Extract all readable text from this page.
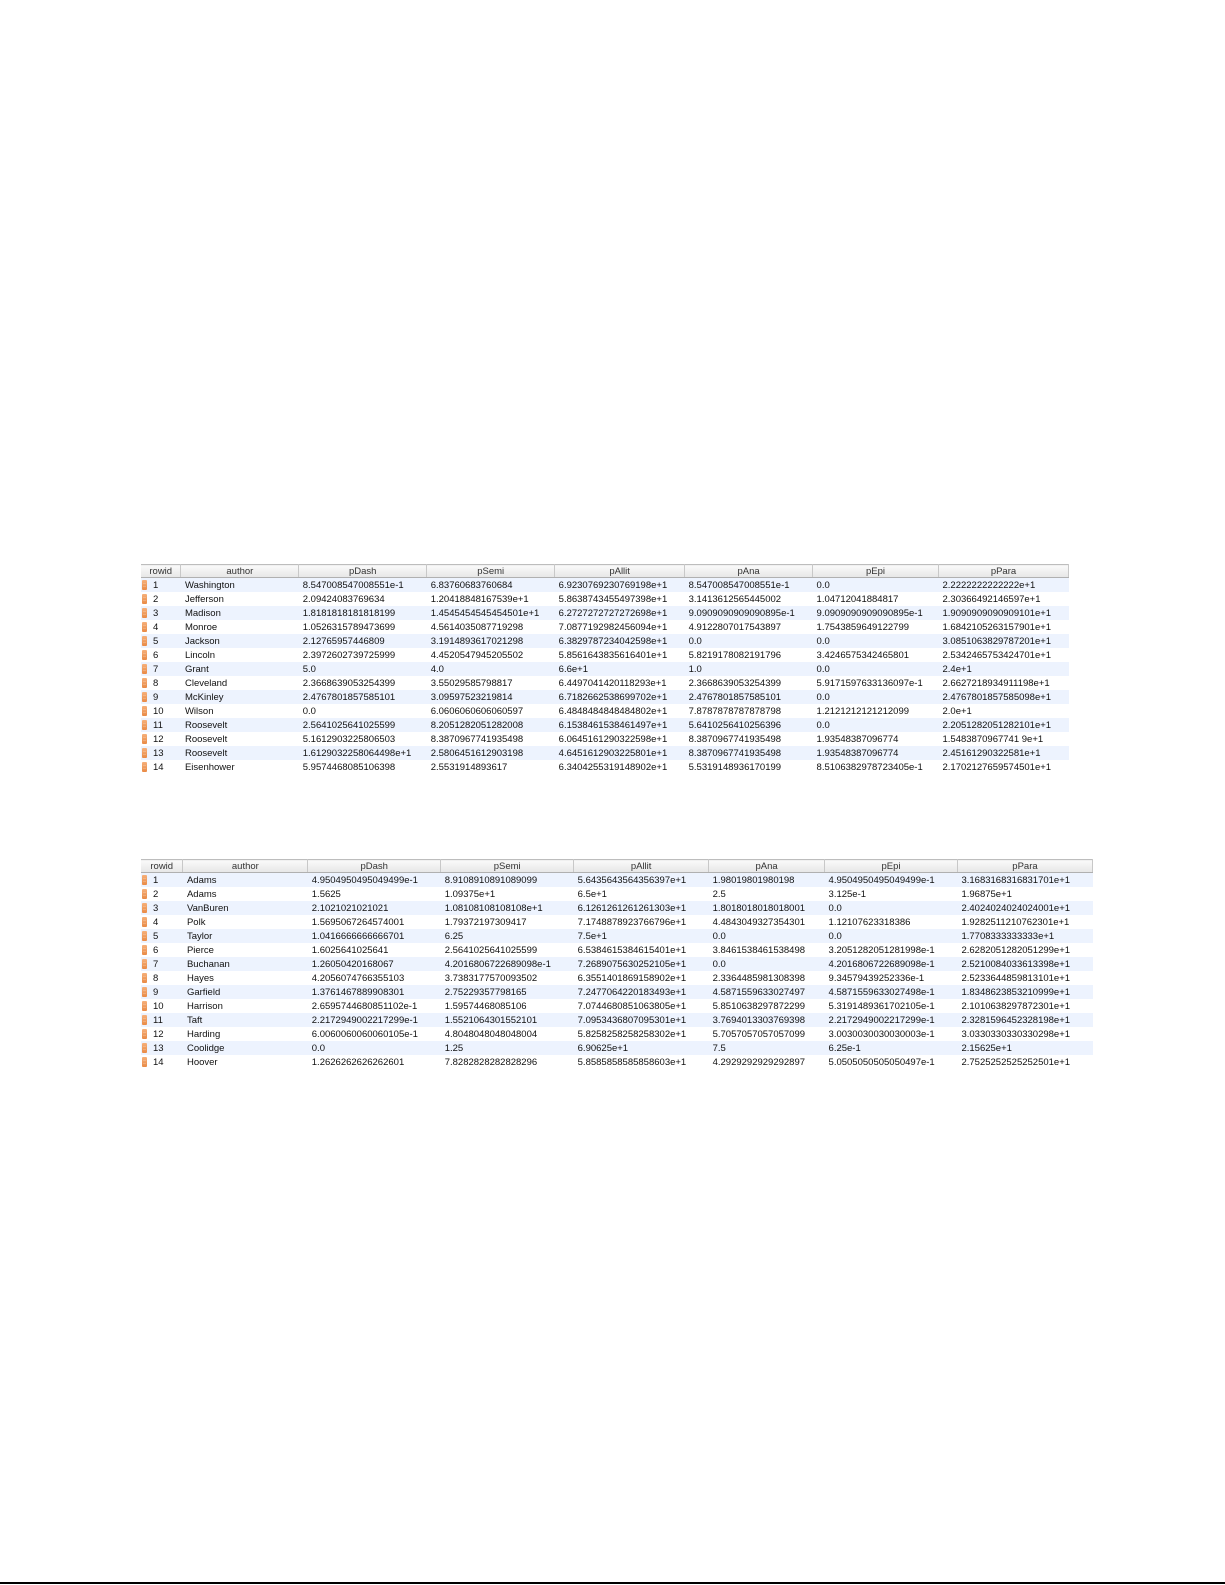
rowid	author	pDash	pSemi	pAllit	pAna	pEpi	pPara

1	Washington	8.547008547008551e-1	6.83760683760684	6.9230769230769198e+1	8.547008547008551e-1	0.0	2.2222222222222e+1

2	Jefferson	2.09424083769634	1.20418848167539e+1	5.8638743455497398e+1	3.1413612565445002	1.04712041884817	2.30366492146597e+1

3	Madison	1.8181818181818199	1.4545454545454501e+1	6.2727272727272698e+1	9.0909090909090895e-1	9.0909090909090895e-1	1.9090909090909101e+1

4	Monroe	1.0526315789473699	4.5614035087719298	7.0877192982456094e+1	4.9122807017543897	1.7543859649122799	1.6842105263157901e+1

5	Jackson	2.12765957446809	3.1914893617021298	6.3829787234042598e+1	0.0	0.0	3.0851063829787201e+1

6	Lincoln	2.3972602739725999	4.4520547945205502	5.8561643835616401e+1	5.8219178082191796	3.4246575342465801	2.5342465753424701e+1

7	Grant	5.0	4.0	6.6e+1	1.0	0.0	2.4e+1

8	Cleveland	2.3668639053254399	3.55029585798817	6.4497041420118293e+1	2.3668639053254399	5.9171597633136097e-1	2.6627218934911198e+1

9	McKinley	2.4767801857585101	3.09597523219814	6.7182662538699702e+1	2.4767801857585101	0.0	2.4767801857585098e+1

10	Wilson	0.0	6.0606060606060597	6.4848484848484802e+1	7.8787878787878798	1.2121212121212099	2.0e+1

11	Roosevelt	2.5641025641025599	8.2051282051282008	6.1538461538461497e+1	5.6410256410256396	0.0	2.2051282051282101e+1

12	Roosevelt	5.1612903225806503	8.3870967741935498	6.0645161290322598e+1	8.3870967741935498	1.93548387096774	1.5483870967741 9e+1

13	Roosevelt	1.6129032258064498e+1	2.5806451612903198	4.6451612903225801e+1	8.3870967741935498	1.93548387096774	2.45161290322581e+1

14	Eisenhower	5.9574468085106398	2.5531914893617	6.3404255319148902e+1	5.5319148936170199	8.5106382978723405e-1	2.1702127659574501e+1
rowid	author	pDash	pSemi	pAllit	pAna	pEpi	pPara

1	Adams	4.9504950495049499e-1	8.9108910891089099	5.6435643564356397e+1	1.98019801980198	4.9504950495049499e-1	3.1683168316831701e+1

2	Adams	1.5625	1.09375e+1	6.5e+1	2.5	3.125e-1	1.96875e+1

3	VanBuren	2.1021021021021	1.08108108108108e+1	6.1261261261261303e+1	1.8018018018018001	0.0	2.4024024024024001e+1

4	Polk	1.5695067264574001	1.79372197309417	7.1748878923766796e+1	4.4843049327354301	1.12107623318386	1.9282511210762301e+1

5	Taylor	1.0416666666666701	6.25	7.5e+1	0.0	0.0	1.7708333333333e+1

6	Pierce	1.6025641025641	2.5641025641025599	6.5384615384615401e+1	3.8461538461538498	3.2051282051281998e-1	2.6282051282051299e+1

7	Buchanan	1.26050420168067	4.2016806722689098e-1	7.2689075630252105e+1	0.0	4.2016806722689098e-1	2.5210084033613398e+1

8	Hayes	4.2056074766355103	3.7383177570093502	6.3551401869158902e+1	2.3364485981308398	9.34579439252336e-1	2.5233644859813101e+1

9	Garfield	1.3761467889908301	2.75229357798165	7.2477064220183493e+1	4.5871559633027497	4.5871559633027498e-1	1.8348623853210999e+1

10	Harrison	2.6595744680851102e-1	1.59574468085106	7.0744680851063805e+1	5.8510638297872299	5.3191489361702105e-1	2.1010638297872301e+1

11	Taft	2.2172949002217299e-1	1.5521064301552101	7.0953436807095301e+1	3.7694013303769398	2.2172949002217299e-1	2.3281596452328198e+1

12	Harding	6.0060060060060105e-1	4.8048048048048004	5.8258258258258302e+1	5.7057057057057099	3.0030030030030003e-1	3.0330330330330298e+1

13	Coolidge	0.0	1.25	6.90625e+1	7.5	6.25e-1	2.15625e+1

14	Hoover	1.2626262626262601	7.8282828282828296	5.8585858585858603e+1	4.2929292929292897	5.0505050505050497e-1	2.7525252525252501e+1
